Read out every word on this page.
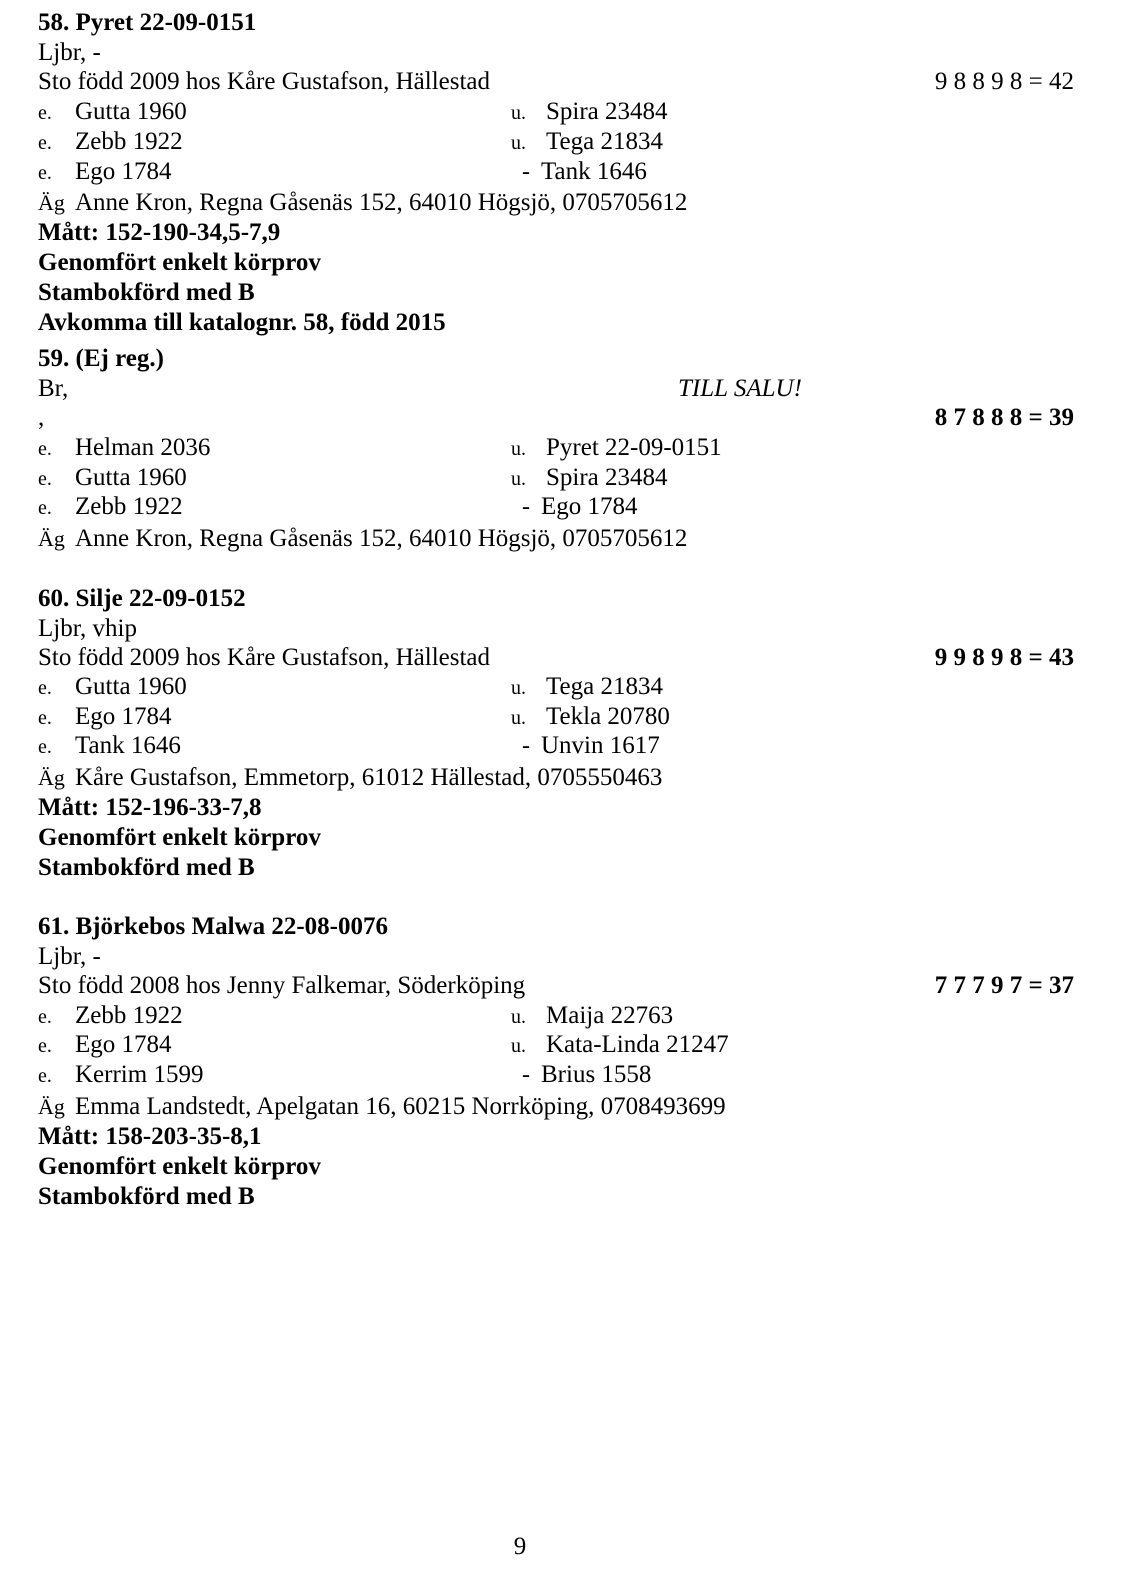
58. Pyret 22-09-0151
Ljbr, -
Sto född 2009 hos Kåre Gustafson, Hällestad	9 8 8 9 8 = 42
e. Gutta 1960	u. Spira 23484
e. Zebb 1922	u. Tega 21834
e. Ego 1784	- Tank 1646
Äg Anne Kron, Regna Gåsenäs 152, 64010 Högsjö, 0705705612
Mått: 152-190-34,5-7,9
Genomfört enkelt körprov
Stambokförd med B
Avkomma till katalognr. 58, född 2015
59. (Ej reg.)
Br,	TILL SALU!
,	8 7 8 8 8 = 39
e. Helman 2036	u. Pyret 22-09-0151
e. Gutta 1960	u. Spira 23484
e. Zebb 1922	- Ego 1784
Äg Anne Kron, Regna Gåsenäs 152, 64010 Högsjö, 0705705612
60. Silje 22-09-0152
Ljbr, vhip
Sto född 2009 hos Kåre Gustafson, Hällestad	9 9 8 9 8 = 43
e. Gutta 1960	u. Tega 21834
e. Ego 1784	u. Tekla 20780
e. Tank 1646	- Unvin 1617
Äg Kåre Gustafson, Emmetorp, 61012 Hällestad, 0705550463
Mått: 152-196-33-7,8
Genomfört enkelt körprov
Stambokförd med B
61. Björkebos Malwa 22-08-0076
Ljbr, -
Sto född 2008 hos Jenny Falkemar, Söderköping	7 7 7 9 7 = 37
e. Zebb 1922	u. Maija 22763
e. Ego 1784	u. Kata-Linda 21247
e. Kerrim 1599	- Brius 1558
Äg Emma Landstedt, Apelgatan 16, 60215 Norrköping, 0708493699
Mått: 158-203-35-8,1
Genomfört enkelt körprov
Stambokförd med B
9
